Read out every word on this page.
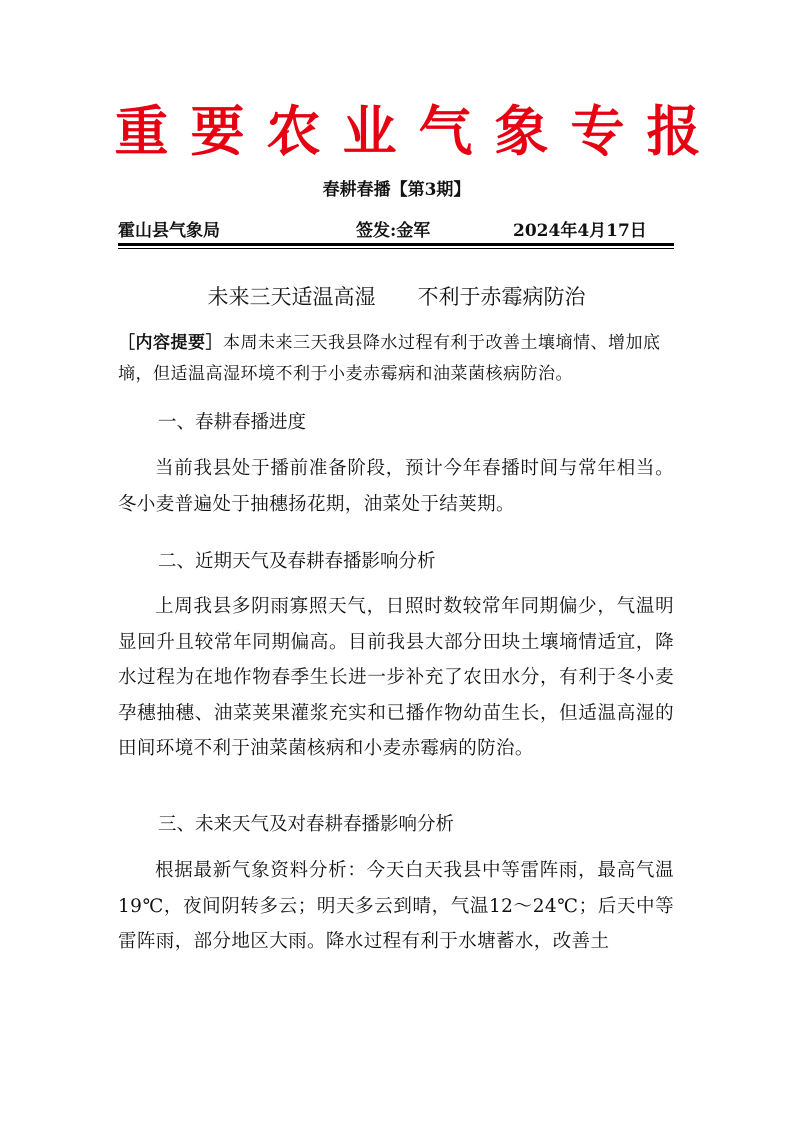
重要农业气象专报
春耕春播【第3期】
霍山县气象局	签发:金军	2024年4月17日
未来三天适温高湿　　不利于赤霉病防治
［内容提要］本周未来三天我县降水过程有利于改善土壤墒情、增加底墒，但适温高湿环境不利于小麦赤霉病和油菜菌核病防治。
一、春耕春播进度
当前我县处于播前准备阶段，预计今年春播时间与常年相当。冬小麦普遍处于抽穗扬花期，油菜处于结荚期。
二、近期天气及春耕春播影响分析
上周我县多阴雨寡照天气，日照时数较常年同期偏少，气温明显回升且较常年同期偏高。目前我县大部分田块土壤墒情适宜，降水过程为在地作物春季生长进一步补充了农田水分，有利于冬小麦孕穗抽穗、油菜荚果灌浆充实和已播作物幼苗生长，但适温高湿的田间环境不利于油菜菌核病和小麦赤霉病的防治。
三、未来天气及对春耕春播影响分析
根据最新气象资料分析：今天白天我县中等雷阵雨，最高气温19℃，夜间阴转多云；明天多云到晴，气温12～24℃；后天中等雷阵雨，部分地区大雨。降水过程有利于水塘蓄水，改善土
